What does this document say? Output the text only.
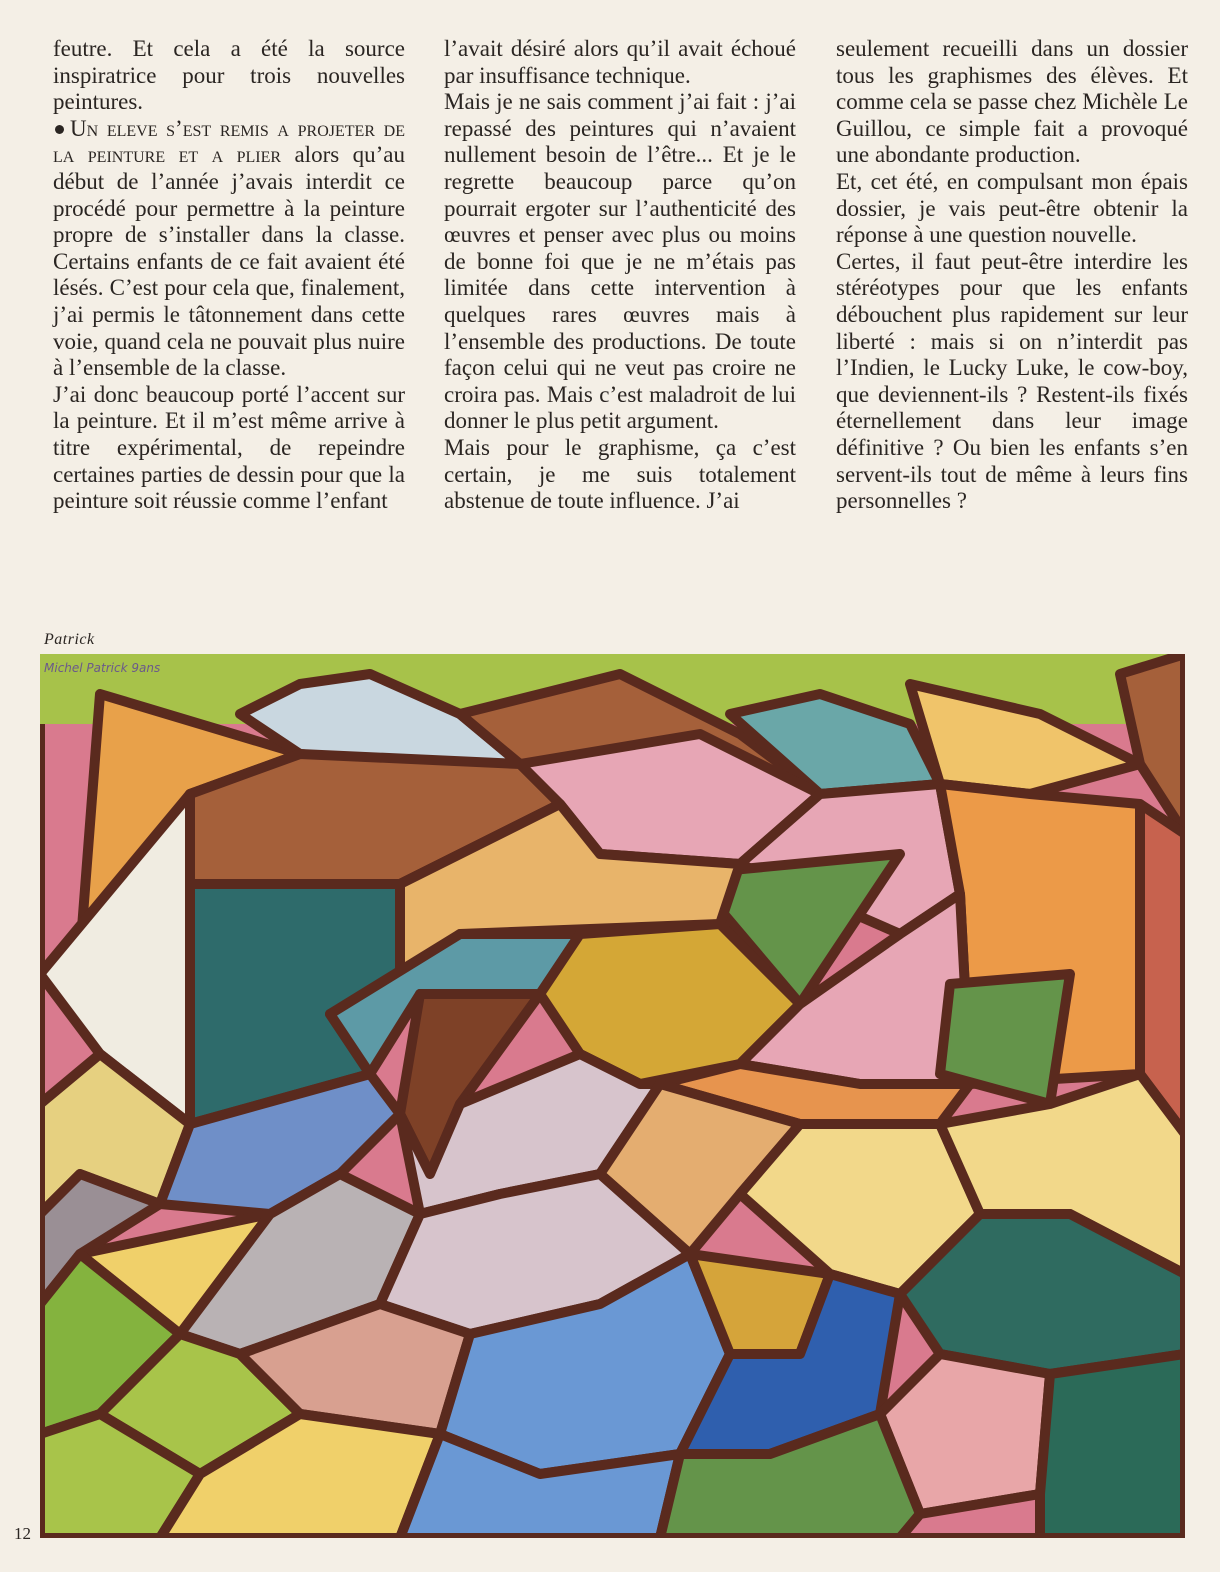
feutre. Et cela a été la source inspiratrice pour trois nouvelles peintures.

Un eleve s’est remis a projeter de la peinture et a plier alors qu’au début de l’année j’avais interdit ce procédé pour permettre à la peinture propre de s’installer dans la classe. Certains enfants de ce fait avaient été lésés. C’est pour cela que, finalement, j’ai permis le tâtonnement dans cette voie, quand cela ne pouvait plus nuire à l’ensemble de la classe.

J’ai donc beaucoup porté l’accent sur la peinture. Et il m’est même arrive à titre expérimental, de repeindre certaines parties de dessin pour que la peinture soit réussie comme l’enfant

l’avait désiré alors qu’il avait échoué par insuffisance technique.

Mais je ne sais comment j’ai fait : j’ai repassé des peintures qui n’avaient nullement besoin de l’être... Et je le regrette beaucoup parce qu’on pourrait ergoter sur l’authenticité des œuvres et penser avec plus ou moins de bonne foi que je ne m’étais pas limitée dans cette intervention à quelques rares œuvres mais à l’ensemble des productions. De toute façon celui qui ne veut pas croire ne croira pas. Mais c’est maladroit de lui donner le plus petit argument.

Mais pour le graphisme, ça c’est certain, je me suis totalement abstenue de toute influence. J’ai

seulement recueilli dans un dossier tous les graphismes des élèves. Et comme cela se passe chez Michèle Le Guillou, ce simple fait a provoqué une abondante production.

Et, cet été, en compulsant mon épais dossier, je vais peut-être obtenir la réponse à une question nouvelle.

Certes, il faut peut-être interdire les stéréotypes pour que les enfants débouchent plus rapidement sur leur liberté : mais si on n’interdit pas l’Indien, le Lucky Luke, le cow-boy, que deviennent-ils ? Restent-ils fixés éternellement dans leur image définitive ? Ou bien les enfants s’en servent-ils tout de même à leurs fins personnelles ?

Patrick
Michel Patrick 9ans
12
